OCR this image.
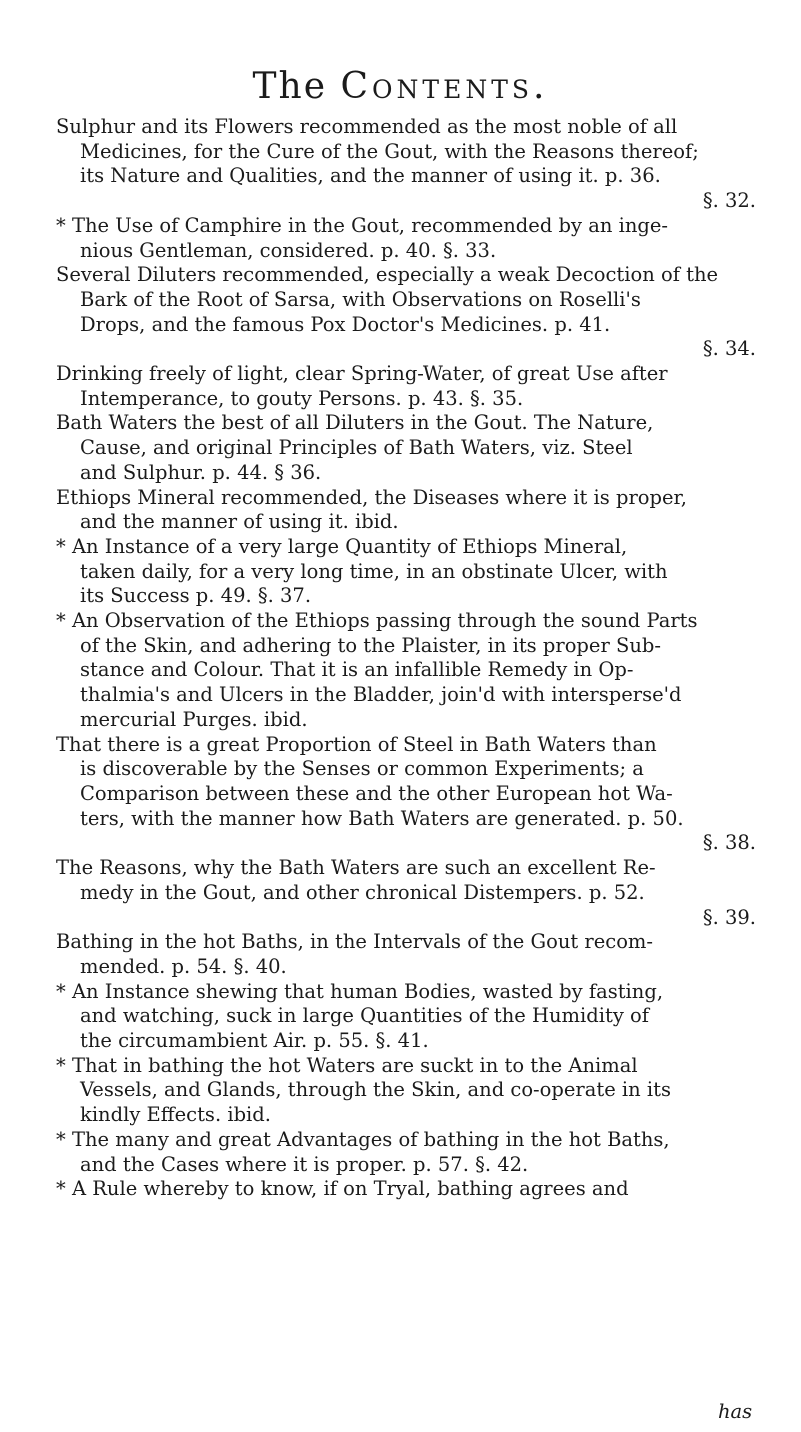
The Contents.
Sulphur and its Flowers recommended as the most noble of all
Medicines, for the Cure of the Gout, with the Reasons thereof;
its Nature and Qualities, and the manner of using it. p. 36.
§. 32.
* The Use of Camphire in the Gout, recommended by an inge-
nious Gentleman, considered. p. 40. §. 33.
Several Diluters recommended, especially a weak Decoction of the
Bark of the Root of Sarsa, with Observations on Roselli's
Drops, and the famous Pox Doctor's Medicines. p. 41.
§. 34.
Drinking freely of light, clear Spring-Water, of great Use after
Intemperance, to gouty Persons. p. 43. §. 35.
Bath Waters the best of all Diluters in the Gout. The Nature,
Cause, and original Principles of Bath Waters, viz. Steel
and Sulphur. p. 44. § 36.
Ethiops Mineral recommended, the Diseases where it is proper,
and the manner of using it. ibid.
* An Instance of a very large Quantity of Ethiops Mineral,
taken daily, for a very long time, in an obstinate Ulcer, with
its Success p. 49. §. 37.
* An Observation of the Ethiops passing through the sound Parts
of the Skin, and adhering to the Plaister, in its proper Sub-
stance and Colour. That it is an infallible Remedy in Op-
thalmia's and Ulcers in the Bladder, join'd with intersperse'd
mercurial Purges. ibid.
That there is a great Proportion of Steel in Bath Waters than
is discoverable by the Senses or common Experiments; a
Comparison between these and the other European hot Wa-
ters, with the manner how Bath Waters are generated. p. 50.
§. 38.
The Reasons, why the Bath Waters are such an excellent Re-
medy in the Gout, and other chronical Distempers. p. 52.
§. 39.
Bathing in the hot Baths, in the Intervals of the Gout recom-
mended. p. 54. §. 40.
* An Instance shewing that human Bodies, wasted by fasting,
and watching, suck in large Quantities of the Humidity of
the circumambient Air. p. 55. §. 41.
* That in bathing the hot Waters are suckt in to the Animal
Vessels, and Glands, through the Skin, and co-operate in its
kindly Effects. ibid.
* The many and great Advantages of bathing in the hot Baths,
and the Cases where it is proper. p. 57. §. 42.
* A Rule whereby to know, if on Tryal, bathing agrees and
has
